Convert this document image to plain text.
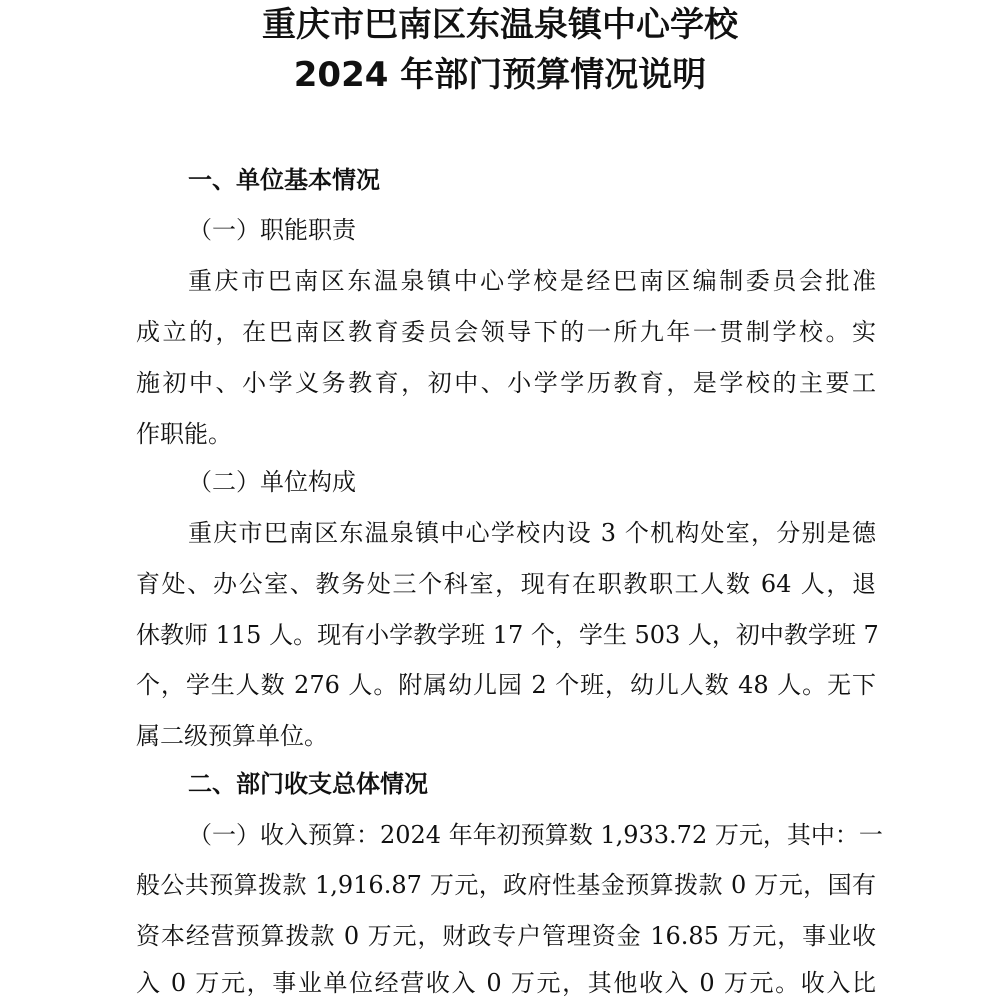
重庆市巴南区东温泉镇中心学校
2024 年部门预算情况说明
一、单位基本情况
（一）职能职责
重庆市巴南区东温泉镇中心学校是经巴南区编制委员会批准
成立的，在巴南区教育委员会领导下的一所九年一贯制学校。实
施初中、小学义务教育，初中、小学学历教育，是学校的主要工
作职能。
（二）单位构成
重庆市巴南区东温泉镇中心学校内设 3 个机构处室，分别是德
育处、办公室、教务处三个科室，现有在职教职工人数 64 人，退
休教师 115 人。现有小学教学班 17 个，学生 503 人，初中教学班 7
个，学生人数 276 人。附属幼儿园 2 个班，幼儿人数 48 人。无下
属二级预算单位。
二、部门收支总体情况
（一）收入预算：2024 年年初预算数 1,933.72 万元，其中：一
般公共预算拨款 1,916.87 万元，政府性基金预算拨款 0 万元，国有
资本经营预算拨款 0 万元，财政专户管理资金 16.85 万元，事业收
入 0 万元，事业单位经营收入 0 万元，其他收入 0 万元。收入比
